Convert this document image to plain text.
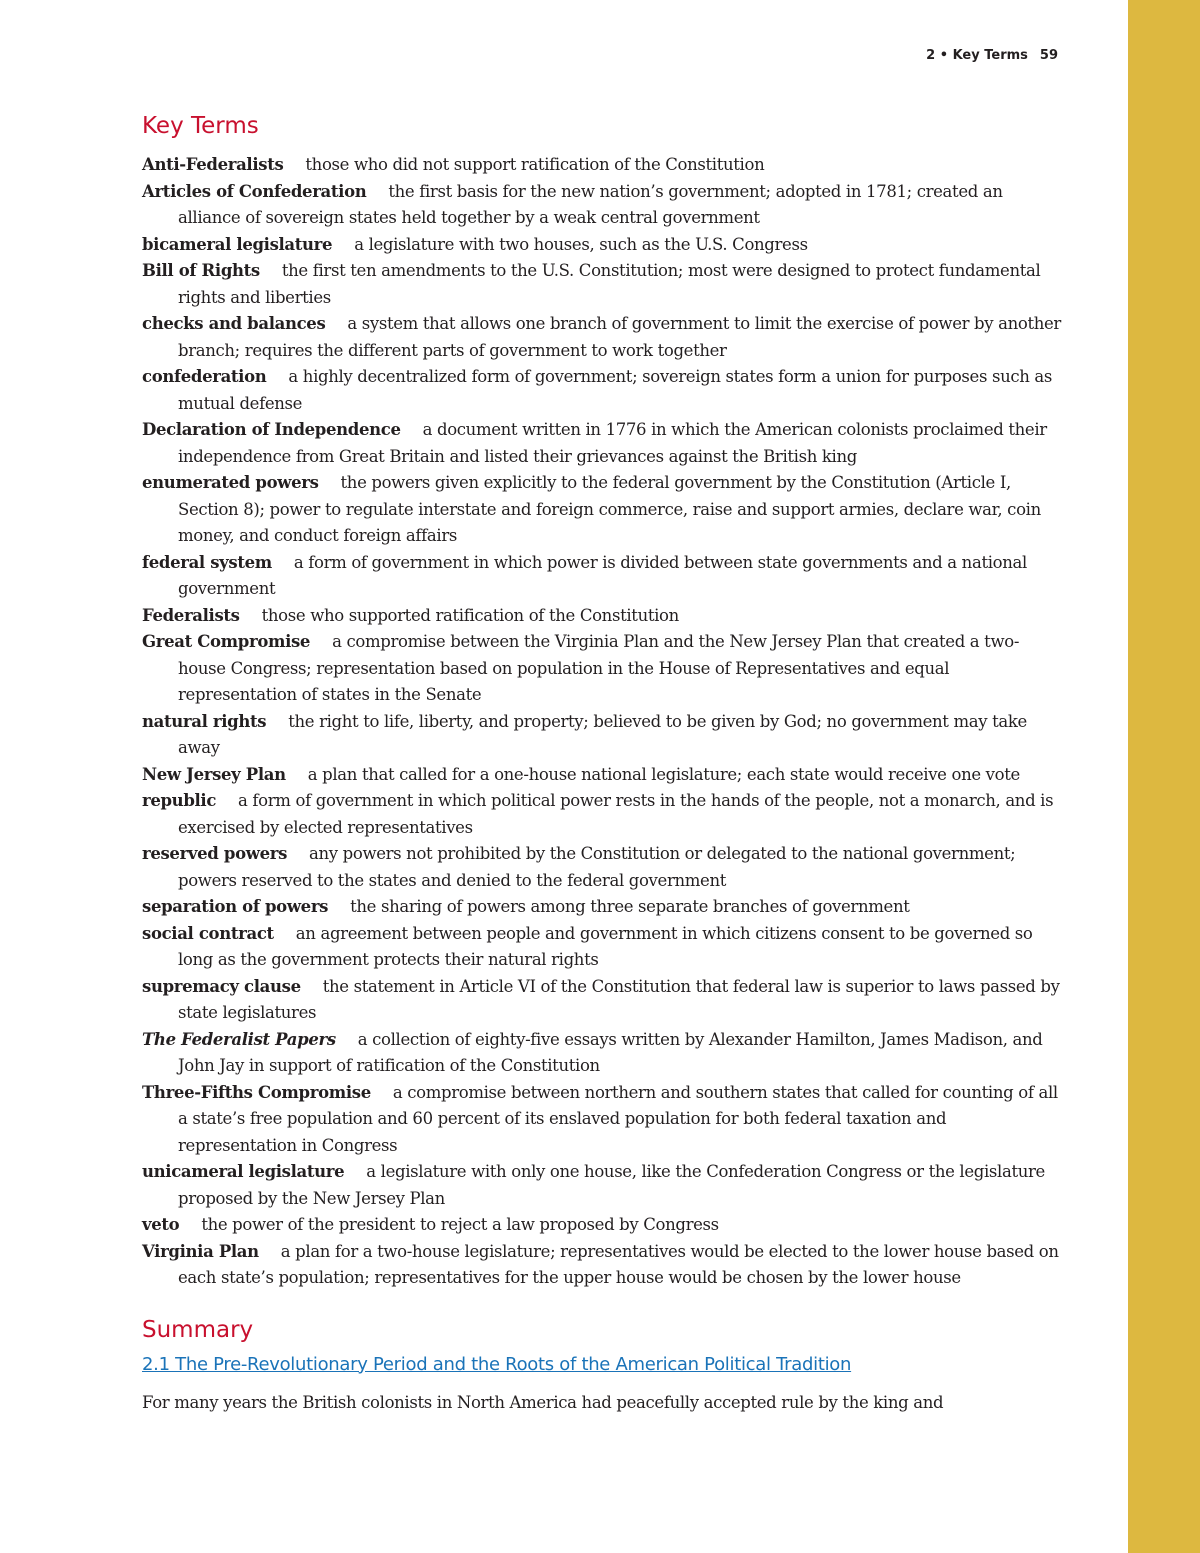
2 • Key Terms 59
Key Terms
Anti-Federalists those who did not support ratification of the Constitution
Articles of Confederation the first basis for the new nation’s government; adopted in 1781; created an alliance of sovereign states held together by a weak central government
bicameral legislature a legislature with two houses, such as the U.S. Congress
Bill of Rights the first ten amendments to the U.S. Constitution; most were designed to protect fundamental rights and liberties
checks and balances a system that allows one branch of government to limit the exercise of power by another branch; requires the different parts of government to work together
confederation a highly decentralized form of government; sovereign states form a union for purposes such as mutual defense
Declaration of Independence a document written in 1776 in which the American colonists proclaimed their independence from Great Britain and listed their grievances against the British king
enumerated powers the powers given explicitly to the federal government by the Constitution (Article I, Section 8); power to regulate interstate and foreign commerce, raise and support armies, declare war, coin money, and conduct foreign affairs
federal system a form of government in which power is divided between state governments and a national government
Federalists those who supported ratification of the Constitution
Great Compromise a compromise between the Virginia Plan and the New Jersey Plan that created a two-house Congress; representation based on population in the House of Representatives and equal representation of states in the Senate
natural rights the right to life, liberty, and property; believed to be given by God; no government may take away
New Jersey Plan a plan that called for a one-house national legislature; each state would receive one vote
republic a form of government in which political power rests in the hands of the people, not a monarch, and is exercised by elected representatives
reserved powers any powers not prohibited by the Constitution or delegated to the national government; powers reserved to the states and denied to the federal government
separation of powers the sharing of powers among three separate branches of government
social contract an agreement between people and government in which citizens consent to be governed so long as the government protects their natural rights
supremacy clause the statement in Article VI of the Constitution that federal law is superior to laws passed by state legislatures
The Federalist Papers a collection of eighty-five essays written by Alexander Hamilton, James Madison, and John Jay in support of ratification of the Constitution
Three-Fifths Compromise a compromise between northern and southern states that called for counting of all a state’s free population and 60 percent of its enslaved population for both federal taxation and representation in Congress
unicameral legislature a legislature with only one house, like the Confederation Congress or the legislature proposed by the New Jersey Plan
veto the power of the president to reject a law proposed by Congress
Virginia Plan a plan for a two-house legislature; representatives would be elected to the lower house based on each state’s population; representatives for the upper house would be chosen by the lower house
Summary
2.1 The Pre-Revolutionary Period and the Roots of the American Political Tradition

For many years the British colonists in North America had peacefully accepted rule by the king and
